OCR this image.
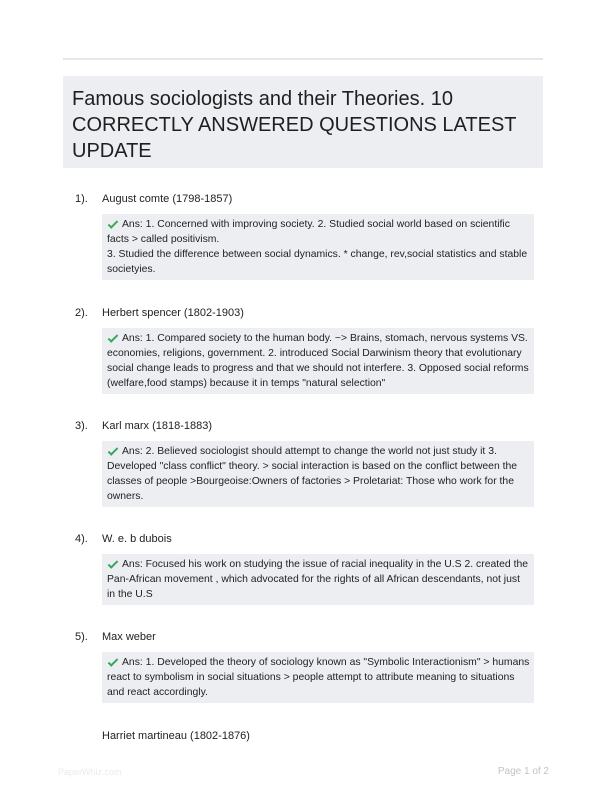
Famous sociologists and their Theories. 10 CORRECTLY ANSWERED QUESTIONS LATEST UPDATE
1).	August comte (1798-1857)
Ans: 1. Concerned with improving society. 2. Studied social world based on scientific facts > called positivism.
3. Studied the difference between social dynamics. * change, rev,social statistics and stable societyies.
2).	Herbert spencer (1802-1903)
Ans: 1. Compared society to the human body. ~> Brains, stomach, nervous systems VS. economies, religions, government. 2. introduced Social Darwinism theory that evolutionary social change leads to progress and that we should not interfere. 3. Opposed social reforms (welfare,food stamps) because it in temps "natural selection"
3).	Karl marx (1818-1883)
Ans: 2. Believed sociologist should attempt to change the world not just study it 3. Developed "class conflict" theory. > social interaction is based on the conflict between the classes of people >Bourgeoise:Owners of factories > Proletariat: Those who work for the owners.
4).	W. e. b dubois
Ans: Focused his work on studying the issue of racial inequality in the U.S 2. created the Pan-African movement , which advocated for the rights of all African descendants, not just in the U.S
5).	Max weber
Ans: 1. Developed the theory of sociology known as "Symbolic Interactionism" > humans react to symbolism in social situations > people attempt to attribute meaning to situations and react accordingly.
Harriet martineau (1802-1876)
PaperWhiz.com	Page 1 of 2
